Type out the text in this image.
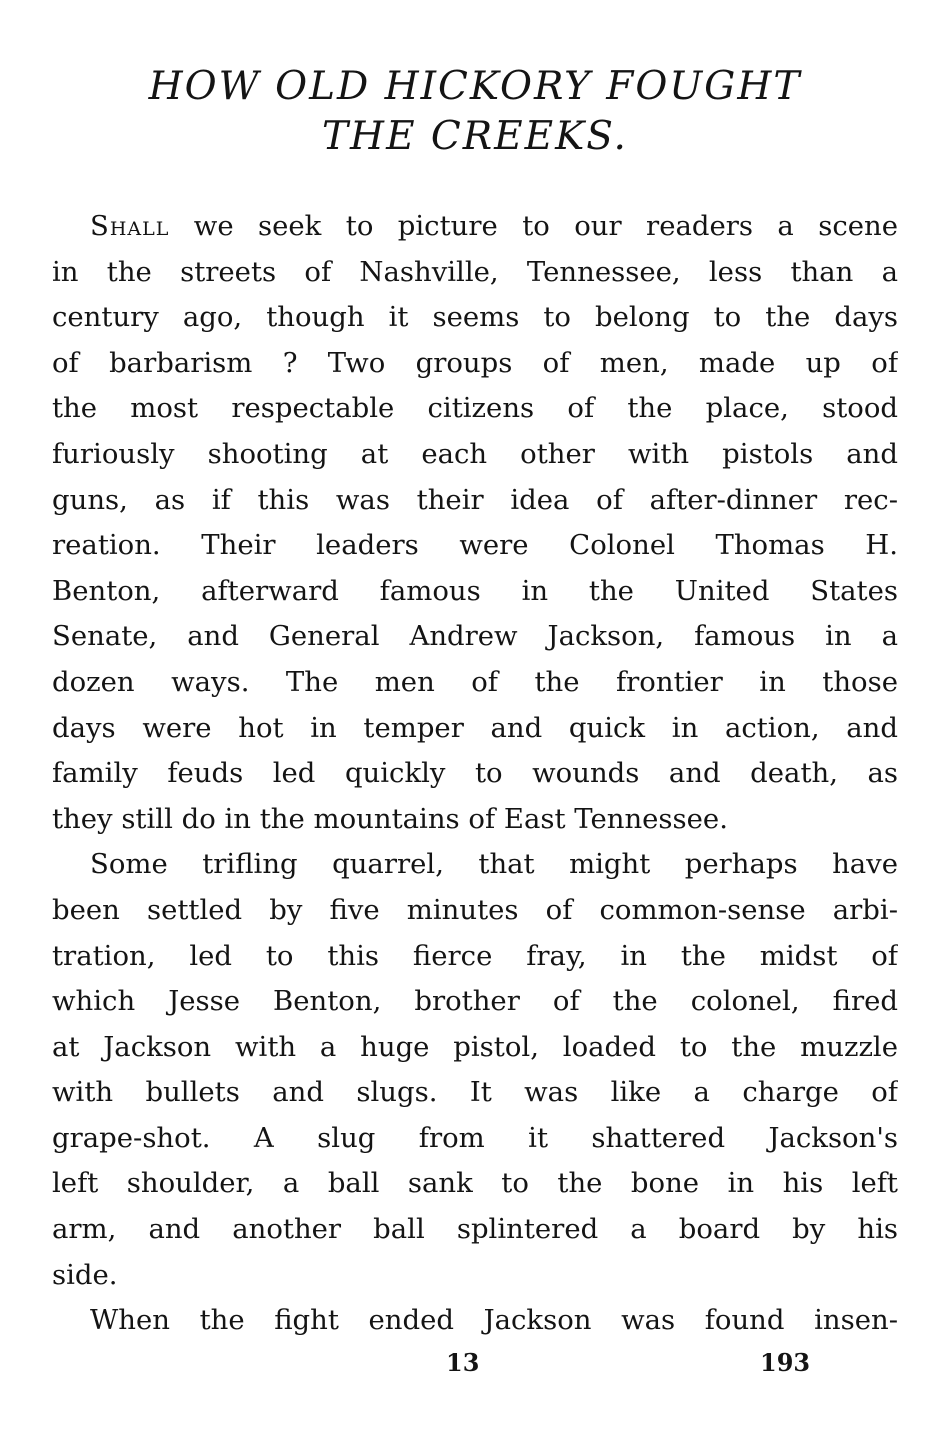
HOW OLD HICKORY FOUGHT
THE CREEKS.

Shall we seek to picture to our readers a scene
in the streets of Nashville, Tennessee, less than a
century ago, though it seems to belong to the days
of barbarism ? Two groups of men, made up of
the most respectable citizens of the place, stood
furiously shooting at each other with pistols and
guns, as if this was their idea of after-dinner rec-
reation. Their leaders were Colonel Thomas H.
Benton, afterward famous in the United States
Senate, and General Andrew Jackson, famous in a
dozen ways. The men of the frontier in those
days were hot in temper and quick in action, and
family feuds led quickly to wounds and death, as
they still do in the mountains of East Tennessee.

Some trifling quarrel, that might perhaps have
been settled by five minutes of common-sense arbi-
tration, led to this fierce fray, in the midst of
which Jesse Benton, brother of the colonel, fired
at Jackson with a huge pistol, loaded to the muzzle
with bullets and slugs. It was like a charge of
grape-shot. A slug from it shattered Jackson's
left shoulder, a ball sank to the bone in his left
arm, and another ball splintered a board by his
side.

When the fight ended Jackson was found insen-

13	193
